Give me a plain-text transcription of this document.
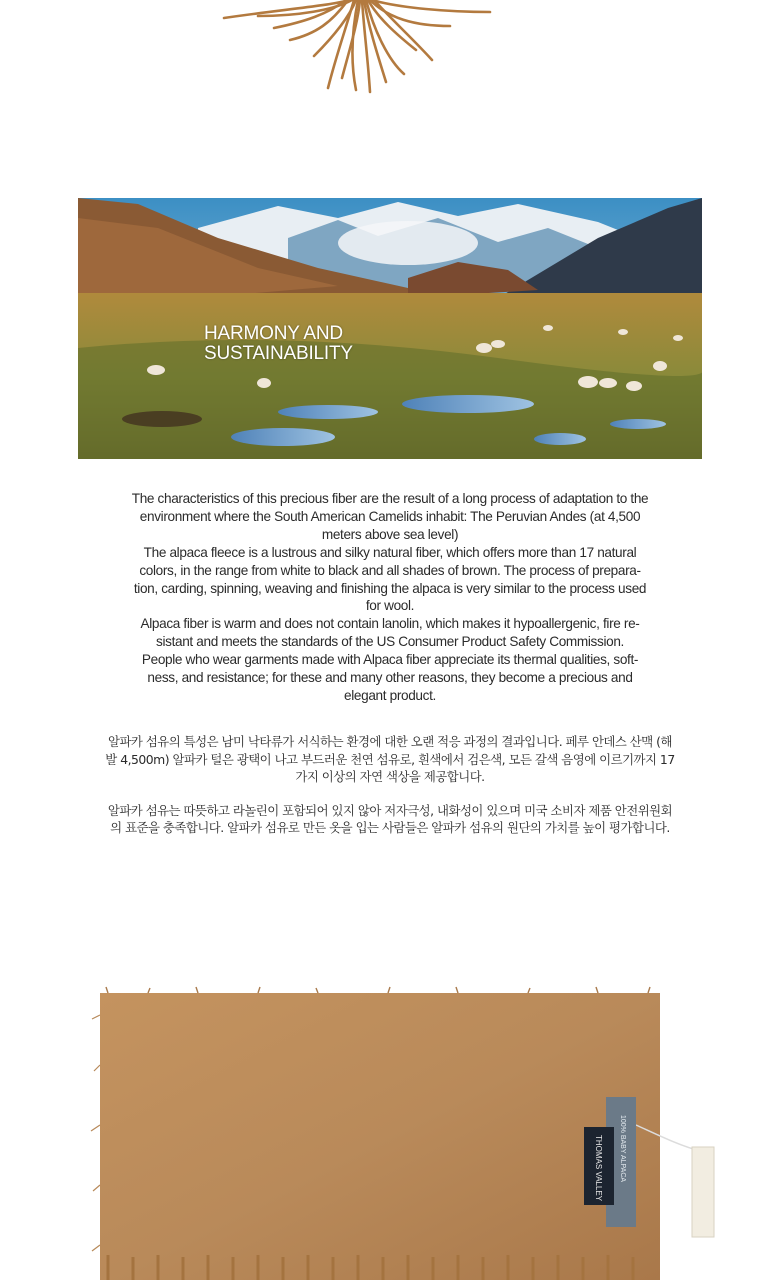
HARMONY AND
SUSTAINABILITY

The characteristics of this precious fiber are the result of a long process of adaptation to the environment where the South American Camelids inhabit: The Peruvian Andes (at 4,500 meters above sea level)

The alpaca fleece is a lustrous and silky natural fiber, which offers more than 17 natural colors, in the range from white to black and all shades of brown. The process of prepara- tion, carding, spinning, weaving and finishing the alpaca is very similar to the process used for wool.

Alpaca fiber is warm and does not contain lanolin, which makes it hypoallergenic, fire re- sistant and meets the standards of the US Consumer Product Safety Commission.

People who wear garments made with Alpaca fiber appreciate its thermal qualities, soft- ness, and resistance; for these and many other reasons, they become a precious and elegant product.

알파카 섬유의 특성은 남미 낙타류가 서식하는 환경에 대한 오랜 적응 과정의 결과입니다. 페루 안데스 산맥 (해발 4,500m) 알파카 털은 광택이 나고 부드러운 천연 섬유로, 흰색에서 검은색, 모든 갈색 음영에 이르기까지 17가지 이상의 자연 색상을 제공합니다.

알파카 섬유는 따뜻하고 라놀린이 포함되어 있지 않아 저자극성, 내화성이 있으며 미국 소비자 제품 안전위원회의 표준을 충족합니다. 알파카 섬유로 만든 옷을 입는 사람들은 알파카 섬유의 원단의 가치를 높이 평가합니다.

100% BABY ALPACA
THOMAS VALLEY
